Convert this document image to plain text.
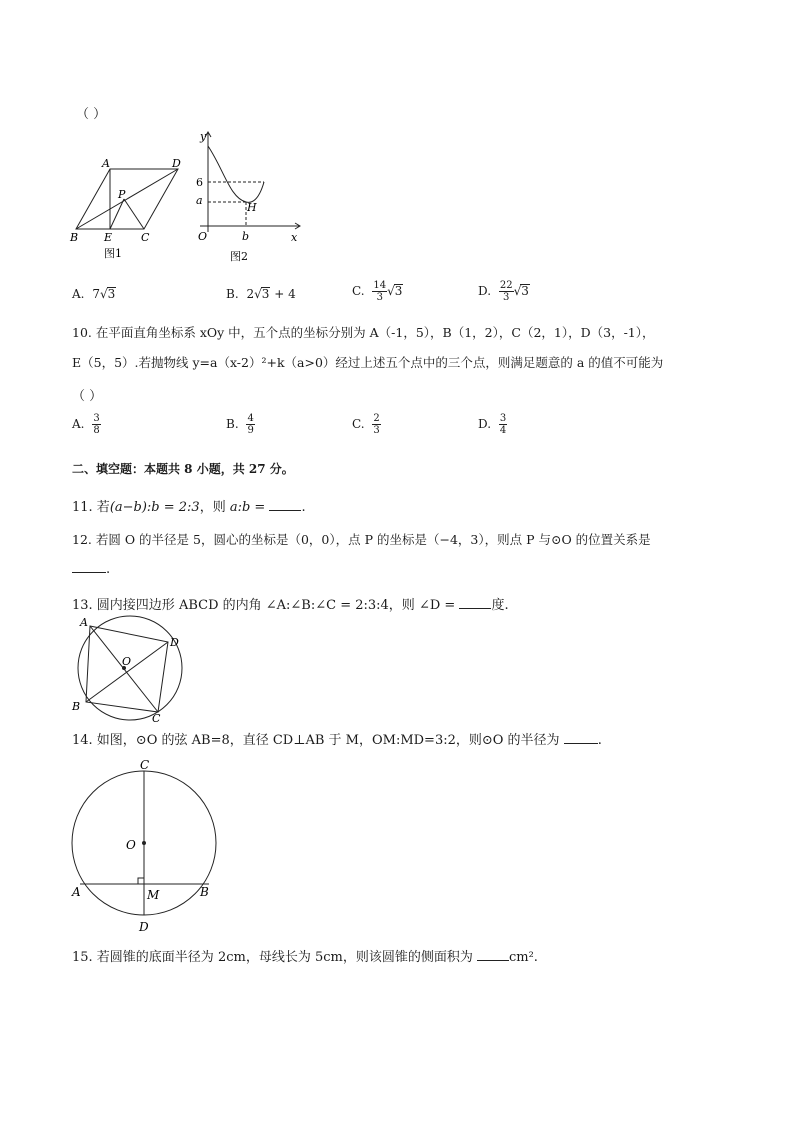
（ ）
A	D
P
B E	C
图1
y
6
a
H
O	b	x
图2
A. 7√3	B. 2√3 + 4	C. $\frac{14}{3} √3$	D. $\frac{22}{3} √3$
10. 在平面直角坐标系 xOy 中，五个点的坐标分别为 A（-1，5），B（1，2），C（2，1），D（3，-1），
E（5，5）.若抛物线 y=a（x-2）²+k（a>0）经过上述五个点中的三个点，则满足题意的 a 的值不可能为
（ ）
A. $\frac{3}{8}$	B. $\frac{4}{9}$	C. $\frac{2}{3}$	D. $\frac{3}{4}$
二、填空题：本题共 8 小题，共 27 分。
11. 若(a−b):b = 2:3，则 a:b =	.
12. 若圆 O 的半径是 5，圆心的坐标是（0，0），点 P 的坐标是（−4，3），则点 P 与⊙O 的位置关系是
.
13. 圆内接四边形 ABCD 的内角 ∠A:∠B:∠C = 2:3:4，则 ∠D =	度.
A
D
O
B
C
14. 如图，⊙O 的弦 AB=8，直径 CD⊥AB 于 M，OM:MD=3:2，则⊙O 的半径为	.
C
O
A	M	B
D
15. 若圆锥的底面半径为 2cm，母线长为 5cm，则该圆锥的侧面积为	cm².
